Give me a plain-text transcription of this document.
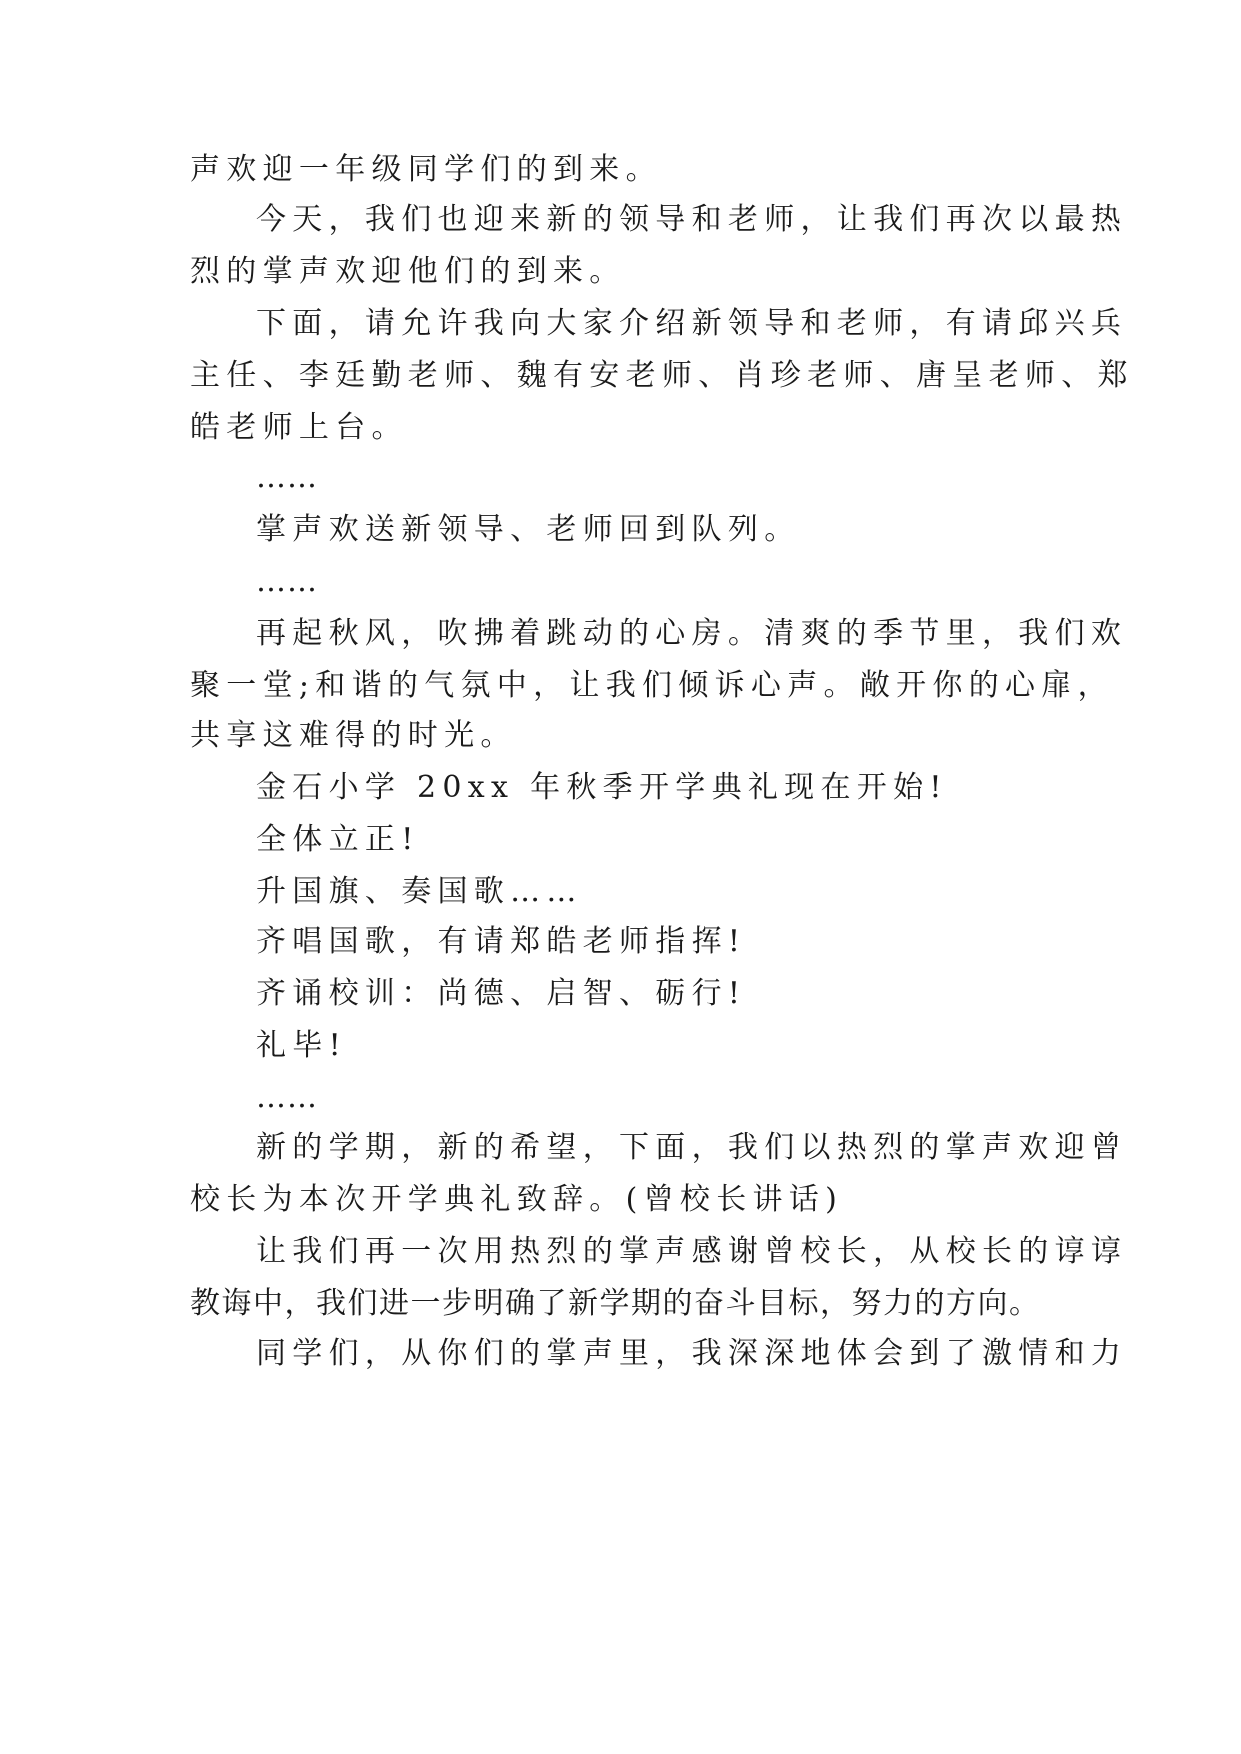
声欢迎一年级同学们的到来。
今天，我们也迎来新的领导和老师，让我们再次以最热
烈的掌声欢迎他们的到来。
下面，请允许我向大家介绍新领导和老师，有请邱兴兵
主任、李廷勤老师、魏有安老师、肖珍老师、唐呈老师、郑
皓老师上台。
……
掌声欢送新领导、老师回到队列。
……
再起秋风，吹拂着跳动的心房。清爽的季节里，我们欢
聚一堂;和谐的气氛中，让我们倾诉心声。敞开你的心扉，
共享这难得的时光。
金石小学 20xx 年秋季开学典礼现在开始!
全体立正!
升国旗、奏国歌……
齐唱国歌，有请郑皓老师指挥!
齐诵校训：尚德、启智、砺行!
礼毕!
……
新的学期，新的希望，下面，我们以热烈的掌声欢迎曾
校长为本次开学典礼致辞。(曾校长讲话)
让我们再一次用热烈的掌声感谢曾校长，从校长的谆谆
教诲中，我们进一步明确了新学期的奋斗目标，努力的方向。
同学们，从你们的掌声里，我深深地体会到了激情和力
